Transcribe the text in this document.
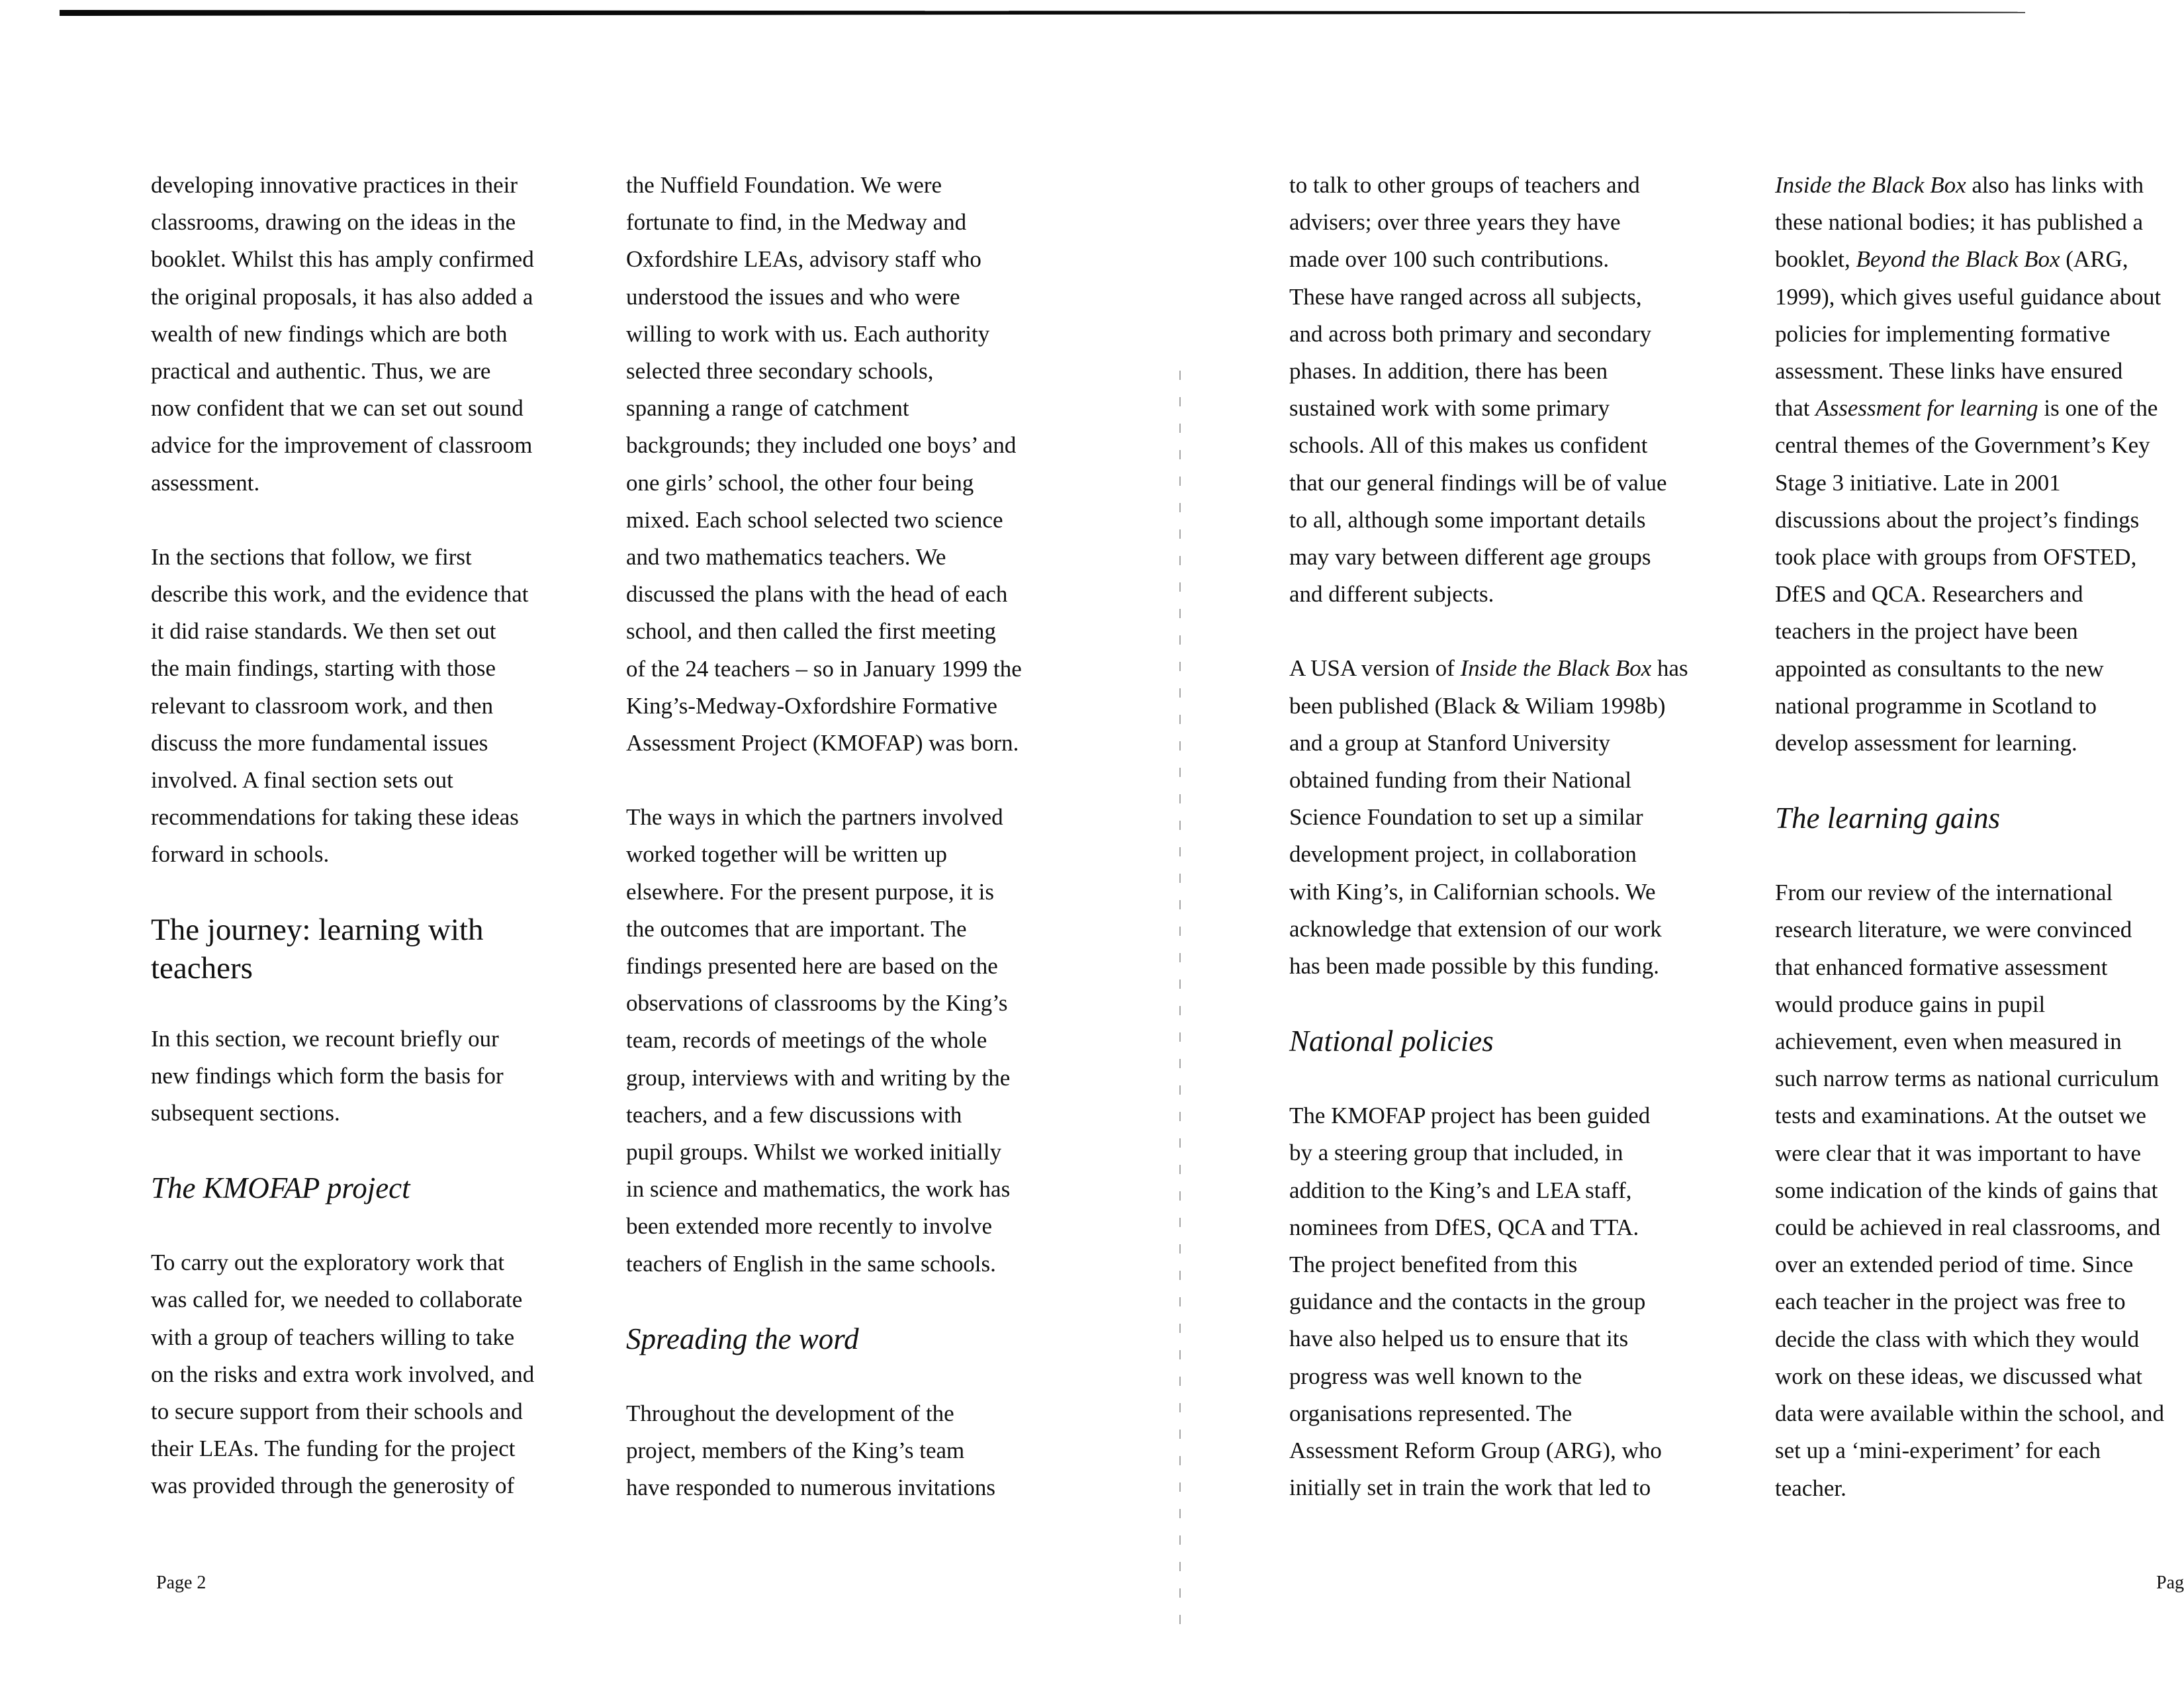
developing innovative practices in their
classrooms, drawing on the ideas in the
booklet. Whilst this has amply confirmed
the original proposals, it has also added a
wealth of new findings which are both
practical and authentic. Thus, we are
now confident that we can set out sound
advice for the improvement of classroom
assessment.

In the sections that follow, we first
describe this work, and the evidence that
it did raise standards. We then set out
the main findings, starting with those
relevant to classroom work, and then
discuss the more fundamental issues
involved. A final section sets out
recommendations for taking these ideas
forward in schools.

The journey: learning with
teachers

In this section, we recount briefly our
new findings which form the basis for
subsequent sections.

The KMOFAP project

To carry out the exploratory work that
was called for, we needed to collaborate
with a group of teachers willing to take
on the risks and extra work involved, and
to secure support from their schools and
their LEAs. The funding for the project
was provided through the generosity of

the Nuffield Foundation. We were
fortunate to find, in the Medway and
Oxfordshire LEAs, advisory staff who
understood the issues and who were
willing to work with us. Each authority
selected three secondary schools,
spanning a range of catchment
backgrounds; they included one boys’ and
one girls’ school, the other four being
mixed. Each school selected two science
and two mathematics teachers. We
discussed the plans with the head of each
school, and then called the first meeting
of the 24 teachers – so in January 1999 the
King’s-Medway-Oxfordshire Formative
Assessment Project (KMOFAP) was born.

The ways in which the partners involved
worked together will be written up
elsewhere. For the present purpose, it is
the outcomes that are important. The
findings presented here are based on the
observations of classrooms by the King’s
team, records of meetings of the whole
group, interviews with and writing by the
teachers, and a few discussions with
pupil groups. Whilst we worked initially
in science and mathematics, the work has
been extended more recently to involve
teachers of English in the same schools.

Spreading the word

Throughout the development of the
project, members of the King’s team
have responded to numerous invitations

to talk to other groups of teachers and
advisers; over three years they have
made over 100 such contributions.
These have ranged across all subjects,
and across both primary and secondary
phases. In addition, there has been
sustained work with some primary
schools. All of this makes us confident
that our general findings will be of value
to all, although some important details
may vary between different age groups
and different subjects.

A USA version of Inside the Black Box has
been published (Black & Wiliam 1998b)
and a group at Stanford University
obtained funding from their National
Science Foundation to set up a similar
development project, in collaboration
with King’s, in Californian schools. We
acknowledge that extension of our work
has been made possible by this funding.

National policies

The KMOFAP project has been guided
by a steering group that included, in
addition to the King’s and LEA staff,
nominees from DfES, QCA and TTA.
The project benefited from this
guidance and the contacts in the group
have also helped us to ensure that its
progress was well known to the
organisations represented. The
Assessment Reform Group (ARG), who
initially set in train the work that led to

Inside the Black Box also has links with
these national bodies; it has published a
booklet, Beyond the Black Box (ARG,
1999), which gives useful guidance about
policies for implementing formative
assessment. These links have ensured
that Assessment for learning is one of the
central themes of the Government’s Key
Stage 3 initiative. Late in 2001
discussions about the project’s findings
took place with groups from OFSTED,
DfES and QCA. Researchers and
teachers in the project have been
appointed as consultants to the new
national programme in Scotland to
develop assessment for learning.

The learning gains

From our review of the international
research literature, we were convinced
that enhanced formative assessment
would produce gains in pupil
achievement, even when measured in
such narrow terms as national curriculum
tests and examinations. At the outset we
were clear that it was important to have
some indication of the kinds of gains that
could be achieved in real classrooms, and
over an extended period of time. Since
each teacher in the project was free to
decide the class with which they would
work on these ideas, we discussed what
data were available within the school, and
set up a ‘mini-experiment’ for each
teacher.

Page 2	Pag
